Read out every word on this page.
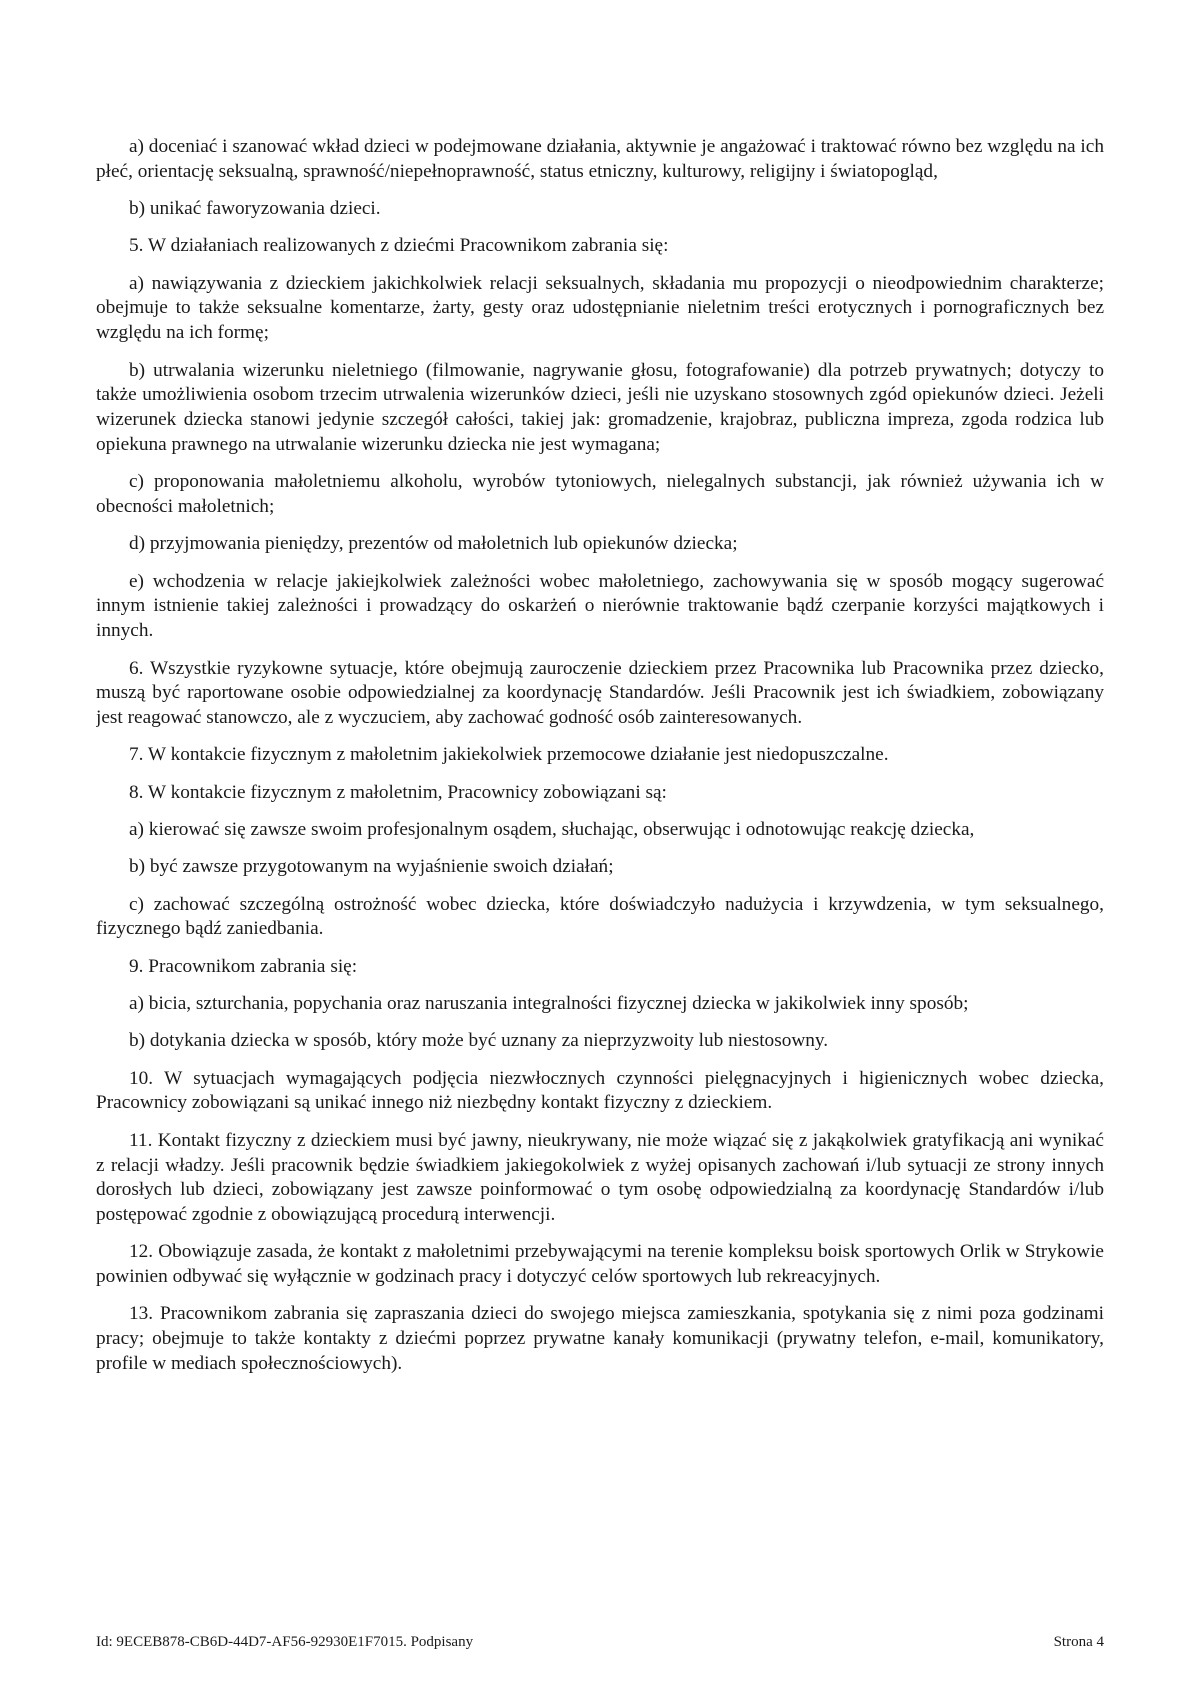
a) doceniać i szanować wkład dzieci w podejmowane działania, aktywnie je angażować i traktować równo bez względu na ich płeć, orientację seksualną, sprawność/niepełnoprawność, status etniczny, kulturowy, religijny i światopogląd,

b) unikać faworyzowania dzieci.

5. W działaniach realizowanych z dziećmi Pracownikom zabrania się:

a) nawiązywania z dzieckiem jakichkolwiek relacji seksualnych, składania mu propozycji o nieodpowiednim charakterze; obejmuje to także seksualne komentarze, żarty, gesty oraz udostępnianie nieletnim treści erotycznych i pornograficznych bez względu na ich formę;

b) utrwalania wizerunku nieletniego (filmowanie, nagrywanie głosu, fotografowanie) dla potrzeb prywatnych; dotyczy to także umożliwienia osobom trzecim utrwalenia wizerunków dzieci, jeśli nie uzyskano stosownych zgód opiekunów dzieci. Jeżeli wizerunek dziecka stanowi jedynie szczegół całości, takiej jak: gromadzenie, krajobraz, publiczna impreza, zgoda rodzica lub opiekuna prawnego na utrwalanie wizerunku dziecka nie jest wymagana;

c) proponowania małoletniemu alkoholu, wyrobów tytoniowych, nielegalnych substancji, jak również używania ich w obecności małoletnich;

d) przyjmowania pieniędzy, prezentów od małoletnich lub opiekunów dziecka;

e) wchodzenia w relacje jakiejkolwiek zależności wobec małoletniego, zachowywania się w sposób mogący sugerować innym istnienie takiej zależności i prowadzący do oskarżeń o nierównie traktowanie bądź czerpanie korzyści majątkowych i innych.

6. Wszystkie ryzykowne sytuacje, które obejmują zauroczenie dzieckiem przez Pracownika lub Pracownika przez dziecko, muszą być raportowane osobie odpowiedzialnej za koordynację Standardów. Jeśli Pracownik jest ich świadkiem, zobowiązany jest reagować stanowczo, ale z wyczuciem, aby zachować godność osób zainteresowanych.

7. W kontakcie fizycznym z małoletnim jakiekolwiek przemocowe działanie jest niedopuszczalne.

8. W kontakcie fizycznym z małoletnim, Pracownicy zobowiązani są:

a) kierować się zawsze swoim profesjonalnym osądem, słuchając, obserwując i odnotowując reakcję dziecka,

b) być zawsze przygotowanym na wyjaśnienie swoich działań;

c) zachować szczególną ostrożność wobec dziecka, które doświadczyło nadużycia i krzywdzenia, w tym seksualnego, fizycznego bądź zaniedbania.

9. Pracownikom zabrania się:

a) bicia, szturchania, popychania oraz naruszania integralności fizycznej dziecka w jakikolwiek inny sposób;

b) dotykania dziecka w sposób, który może być uznany za nieprzyzwoity lub niestosowny.

10. W sytuacjach wymagających podjęcia niezwłocznych czynności pielęgnacyjnych i higienicznych wobec dziecka, Pracownicy zobowiązani są unikać innego niż niezbędny kontakt fizyczny z dzieckiem.

11. Kontakt fizyczny z dzieckiem musi być jawny, nieukrywany, nie może wiązać się z jakąkolwiek gratyfikacją ani wynikać z relacji władzy. Jeśli pracownik będzie świadkiem jakiegokolwiek z wyżej opisanych zachowań i/lub sytuacji ze strony innych dorosłych lub dzieci, zobowiązany jest zawsze poinformować o tym osobę odpowiedzialną za koordynację Standardów i/lub postępować zgodnie z obowiązującą procedurą interwencji.

12. Obowiązuje zasada, że kontakt z małoletnimi przebywającymi na terenie kompleksu boisk sportowych Orlik w Strykowie powinien odbywać się wyłącznie w godzinach pracy i dotyczyć celów sportowych lub rekreacyjnych.

13. Pracownikom zabrania się zapraszania dzieci do swojego miejsca zamieszkania, spotykania się z nimi poza godzinami pracy; obejmuje to także kontakty z dziećmi poprzez prywatne kanały komunikacji (prywatny telefon, e-mail, komunikatory, profile w mediach społecznościowych).

Id: 9ECEB878-CB6D-44D7-AF56-92930E1F7015. Podpisany	Strona 4
